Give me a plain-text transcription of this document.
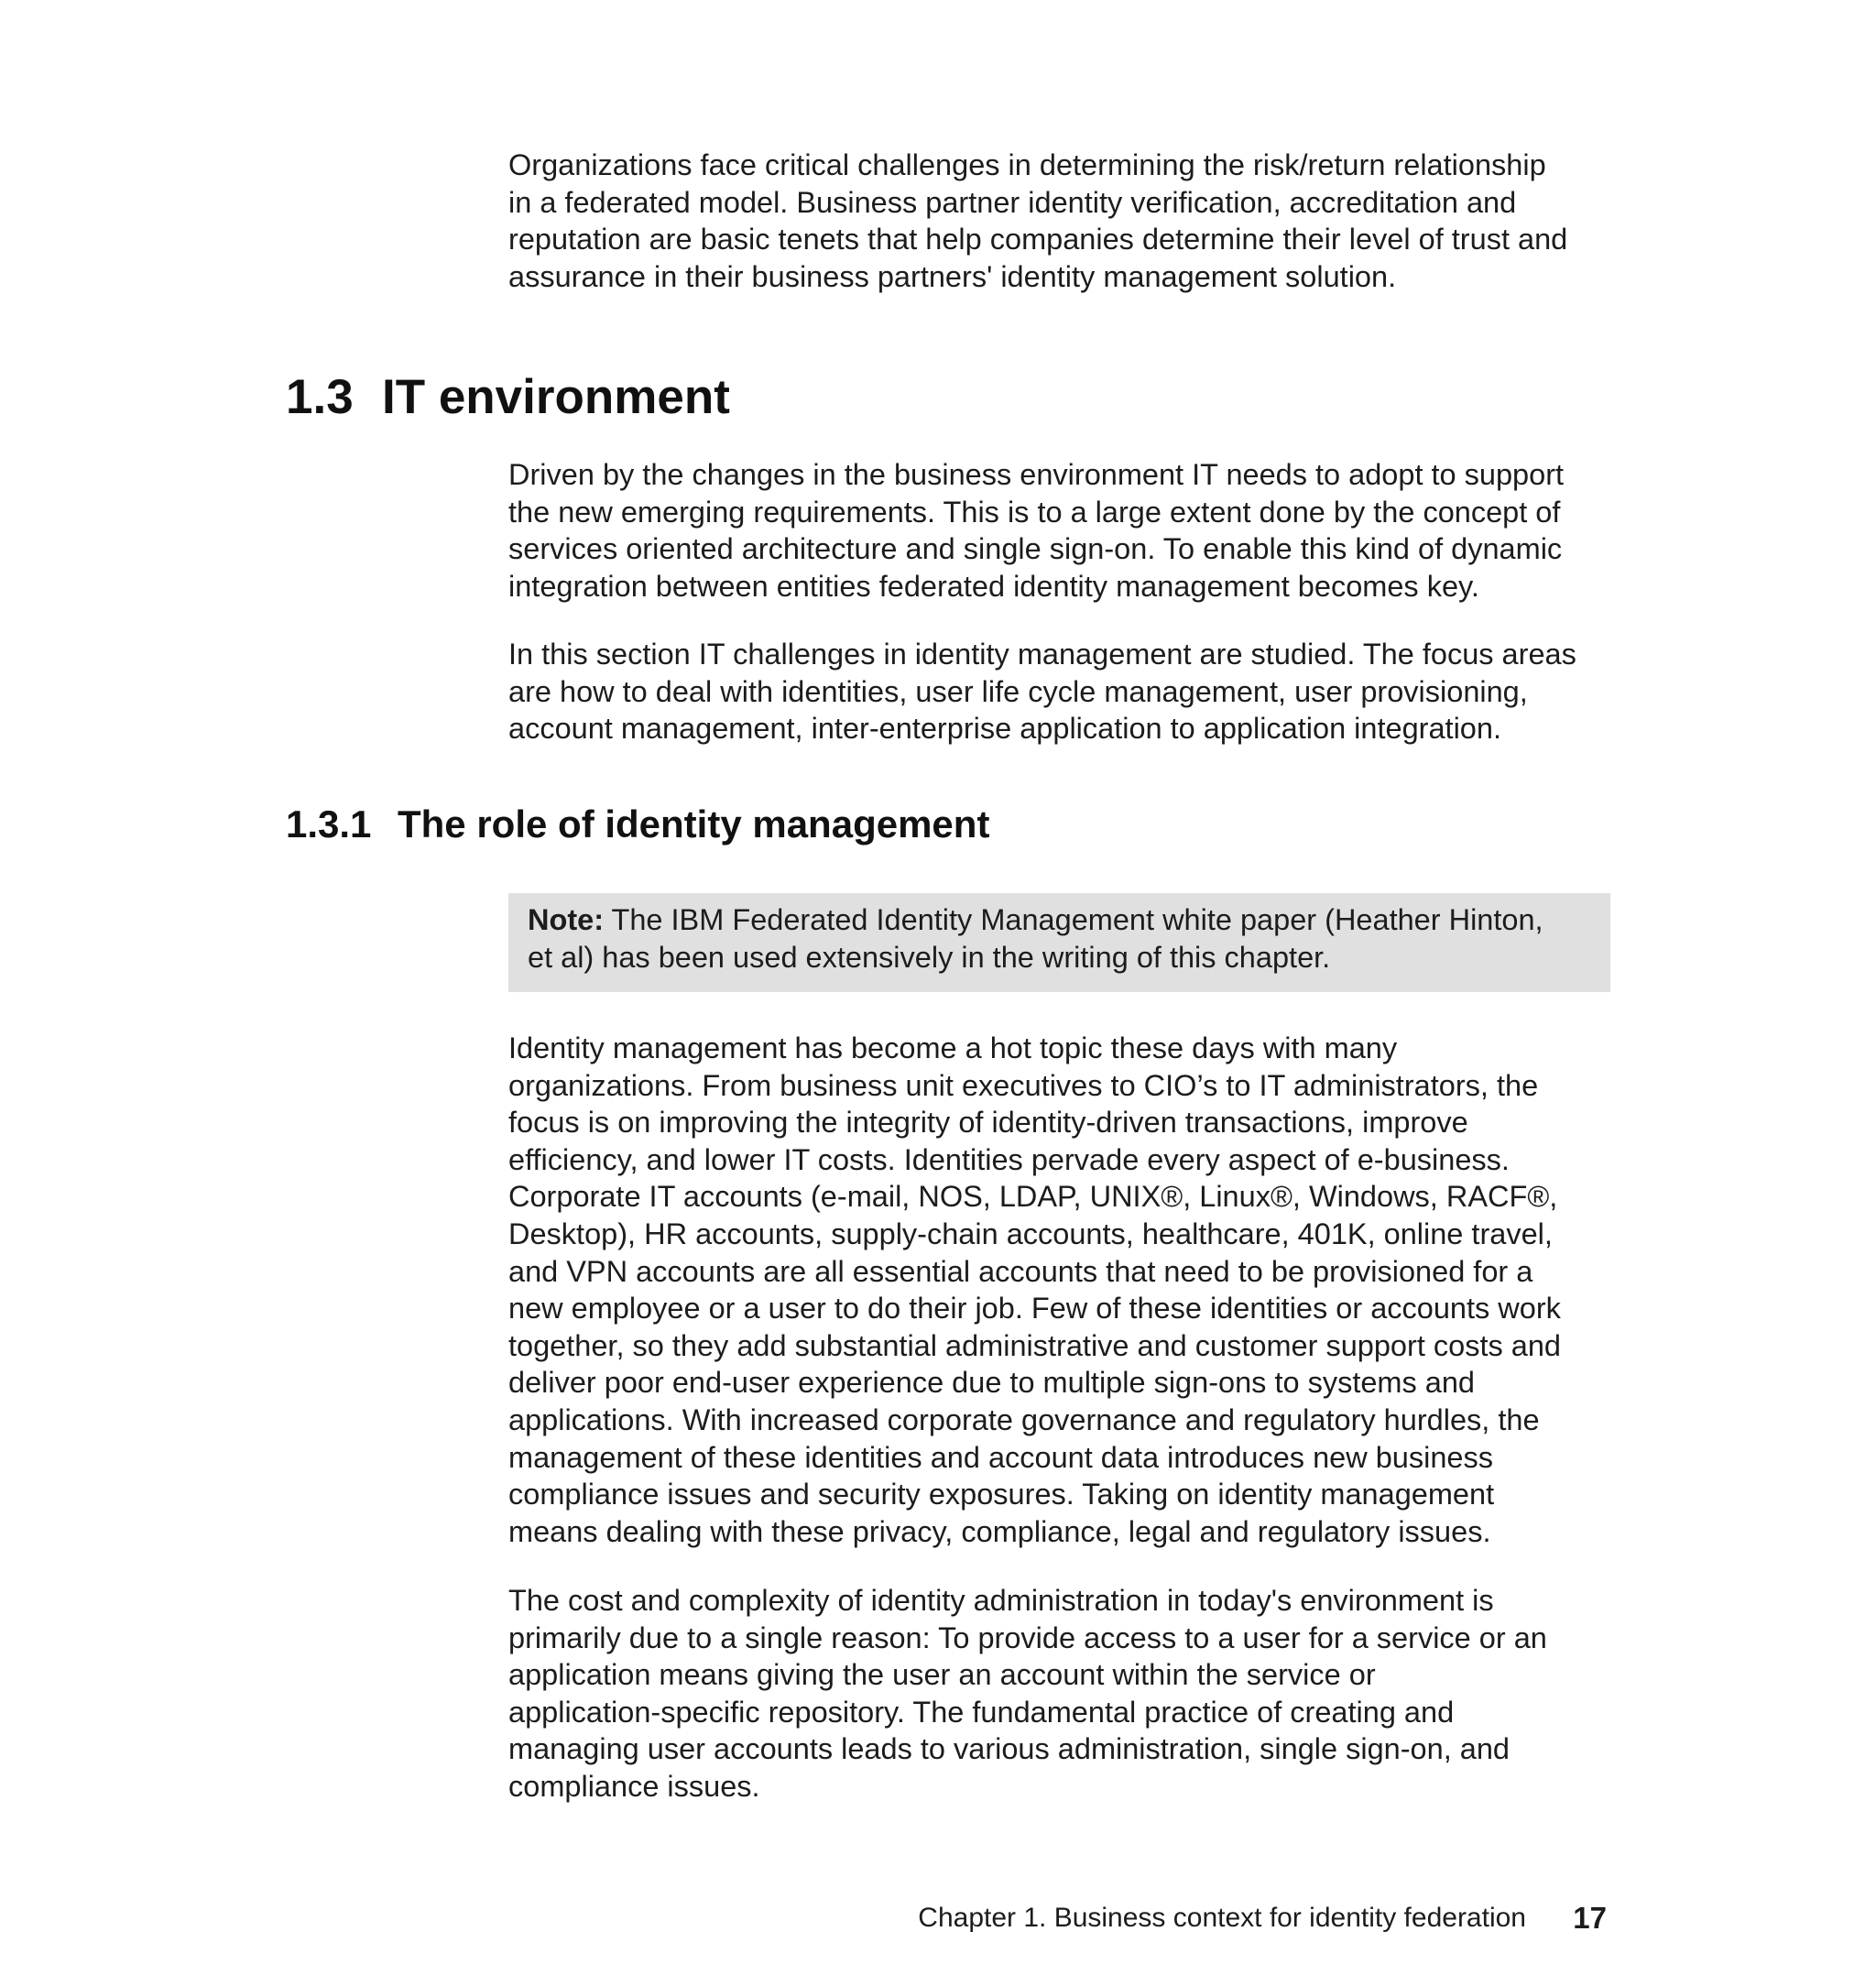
Organizations face critical challenges in determining the risk/return relationship
in a federated model. Business partner identity verification, accreditation and
reputation are basic tenets that help companies determine their level of trust and
assurance in their business partners' identity management solution.

1.3 IT environment

Driven by the changes in the business environment IT needs to adopt to support
the new emerging requirements. This is to a large extent done by the concept of
services oriented architecture and single sign-on. To enable this kind of dynamic
integration between entities federated identity management becomes key.

In this section IT challenges in identity management are studied. The focus areas
are how to deal with identities, user life cycle management, user provisioning,
account management, inter-enterprise application to application integration.

1.3.1 The role of identity management
Note: The IBM Federated Identity Management white paper (Heather Hinton,
et al) has been used extensively in the writing of this chapter.

Identity management has become a hot topic these days with many
organizations. From business unit executives to CIO’s to IT administrators, the
focus is on improving the integrity of identity-driven transactions, improve
efficiency, and lower IT costs. Identities pervade every aspect of e-business.
Corporate IT accounts (e-mail, NOS, LDAP, UNIX®, Linux®, Windows, RACF®,
Desktop), HR accounts, supply-chain accounts, healthcare, 401K, online travel,
and VPN accounts are all essential accounts that need to be provisioned for a
new employee or a user to do their job. Few of these identities or accounts work
together, so they add substantial administrative and customer support costs and
deliver poor end-user experience due to multiple sign-ons to systems and
applications. With increased corporate governance and regulatory hurdles, the
management of these identities and account data introduces new business
compliance issues and security exposures. Taking on identity management
means dealing with these privacy, compliance, legal and regulatory issues.

The cost and complexity of identity administration in today's environment is
primarily due to a single reason: To provide access to a user for a service or an
application means giving the user an account within the service or
application-specific repository. The fundamental practice of creating and
managing user accounts leads to various administration, single sign-on, and
compliance issues.

Chapter 1. Business context for identity federation 17
